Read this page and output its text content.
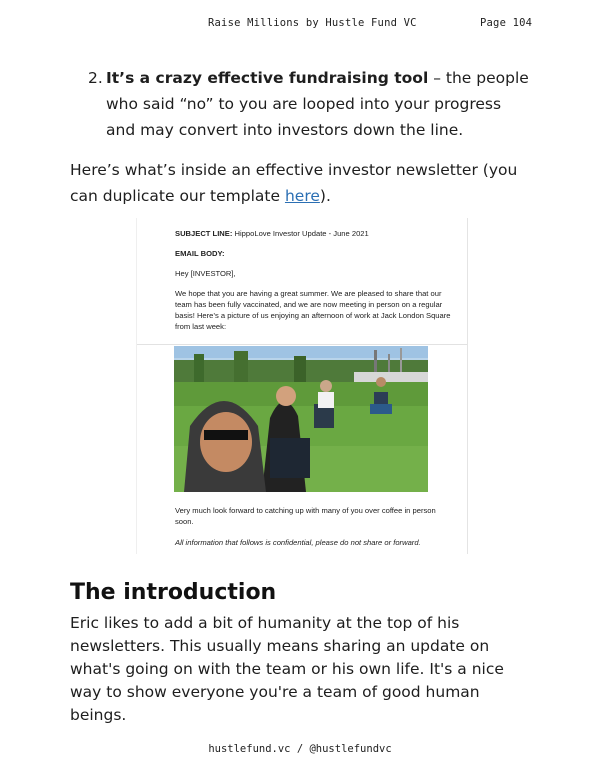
Raise Millions by Hustle Fund VC	Page 104
2. It’s a crazy effective fundraising tool – the people who said “no” to you are looped into your progress and may convert into investors down the line.
Here’s what’s inside an effective investor newsletter (you can duplicate our template here).
SUBJECT LINE: HippoLove Investor Update - June 2021
EMAIL BODY:
Hey [INVESTOR],
We hope that you are having a great summer. We are pleased to share that our team has been fully vaccinated, and we are now meeting in person on a regular basis! Here’s a picture of us enjoying an afternoon of work at Jack London Square from last week:
Very much look forward to catching up with many of you over coffee in person soon.
All information that follows is confidential, please do not share or forward.
The introduction
Eric likes to add a bit of humanity at the top of his newsletters. This usually means sharing an update on what's going on with the team or his own life. It's a nice way to show everyone you're a team of good human beings.
hustlefund.vc / @hustlefundvc
